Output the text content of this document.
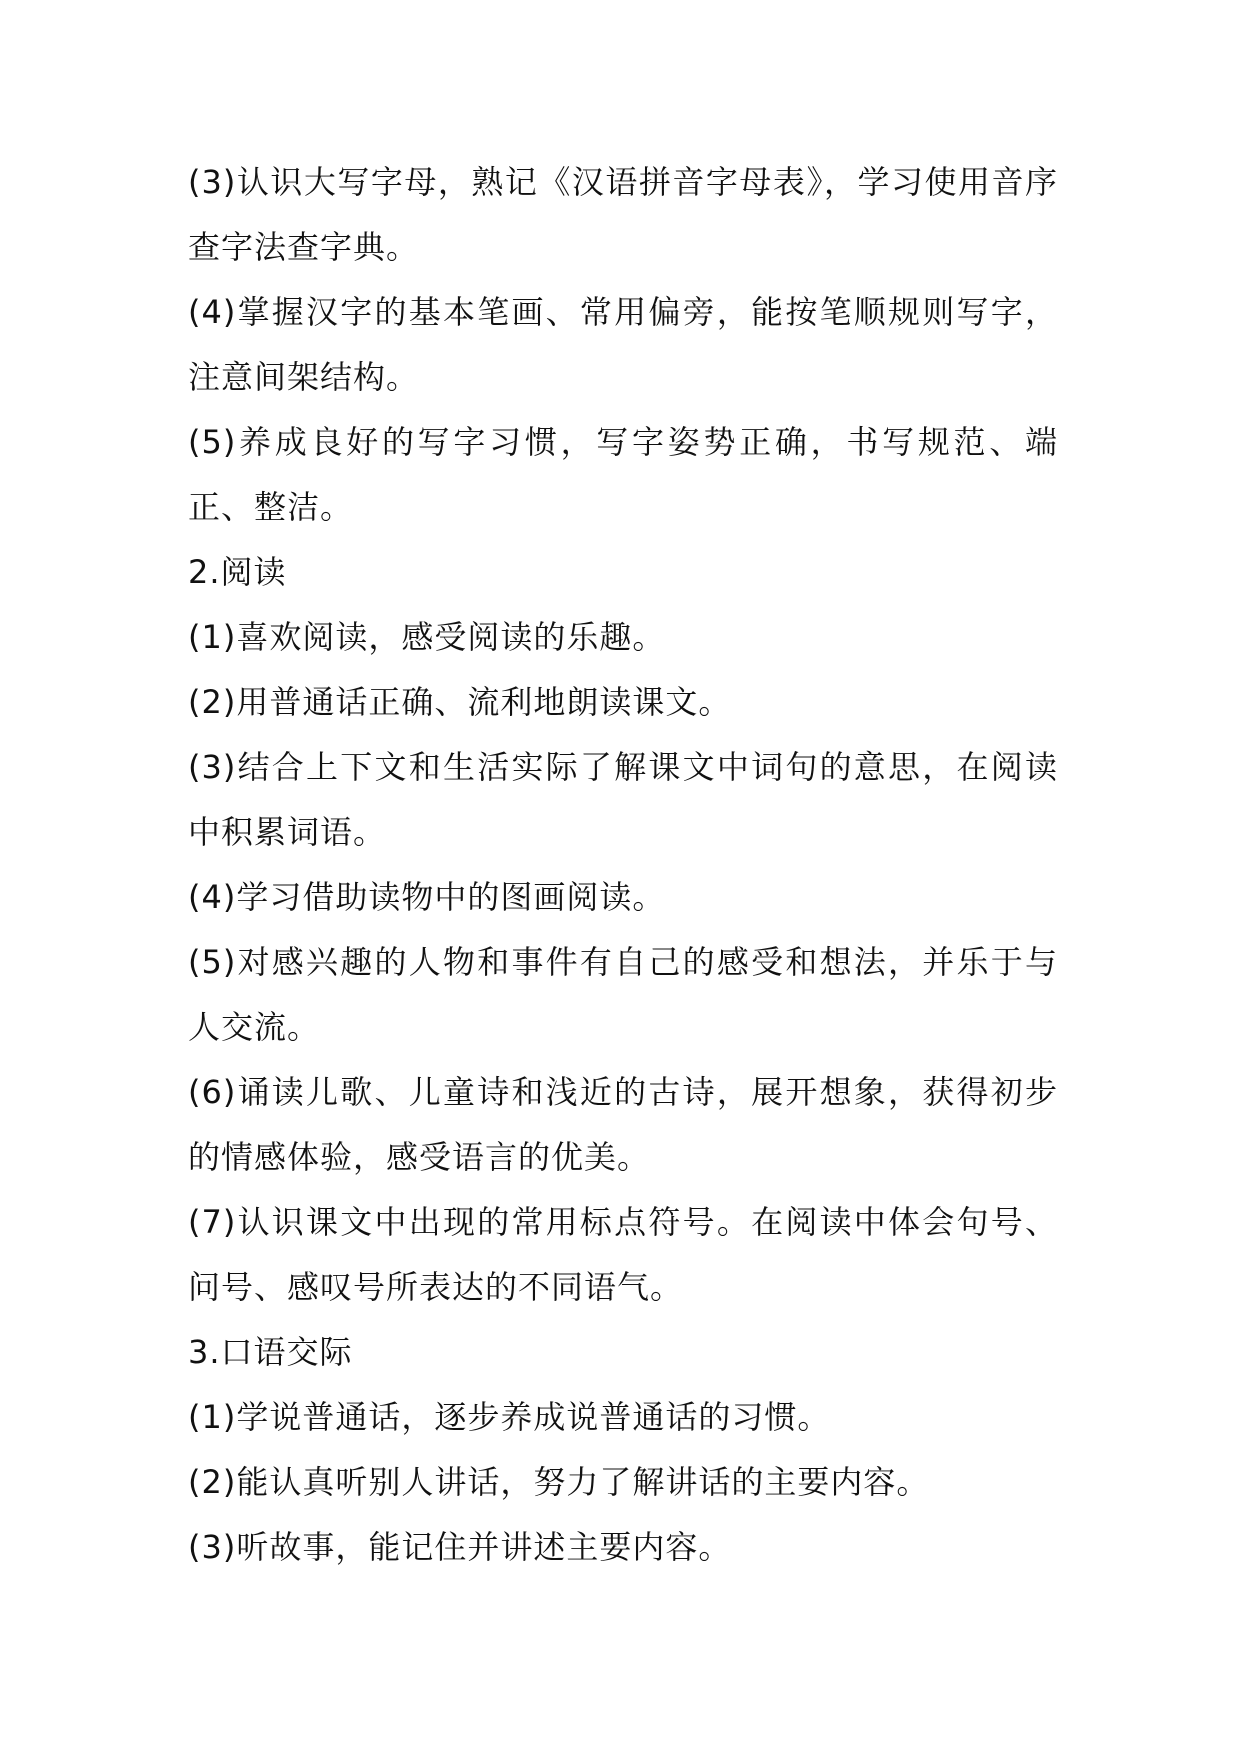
(3)认识大写字母，熟记《汉语拼音字母表》，学习使用音序查字法查字典。

(4)掌握汉字的基本笔画、常用偏旁，能按笔顺规则写字，注意间架结构。

(5)养成良好的写字习惯，写字姿势正确，书写规范、端正、整洁。

2.阅读

(1)喜欢阅读，感受阅读的乐趣。

(2)用普通话正确、流利地朗读课文。

(3)结合上下文和生活实际了解课文中词句的意思，在阅读中积累词语。

(4)学习借助读物中的图画阅读。

(5)对感兴趣的人物和事件有自己的感受和想法，并乐于与人交流。

(6)诵读儿歌、儿童诗和浅近的古诗，展开想象，获得初步的情感体验，感受语言的优美。

(7)认识课文中出现的常用标点符号。在阅读中体会句号、问号、感叹号所表达的不同语气。

3.口语交际

(1)学说普通话，逐步养成说普通话的习惯。

(2)能认真听别人讲话，努力了解讲话的主要内容。

(3)听故事，能记住并讲述主要内容。
